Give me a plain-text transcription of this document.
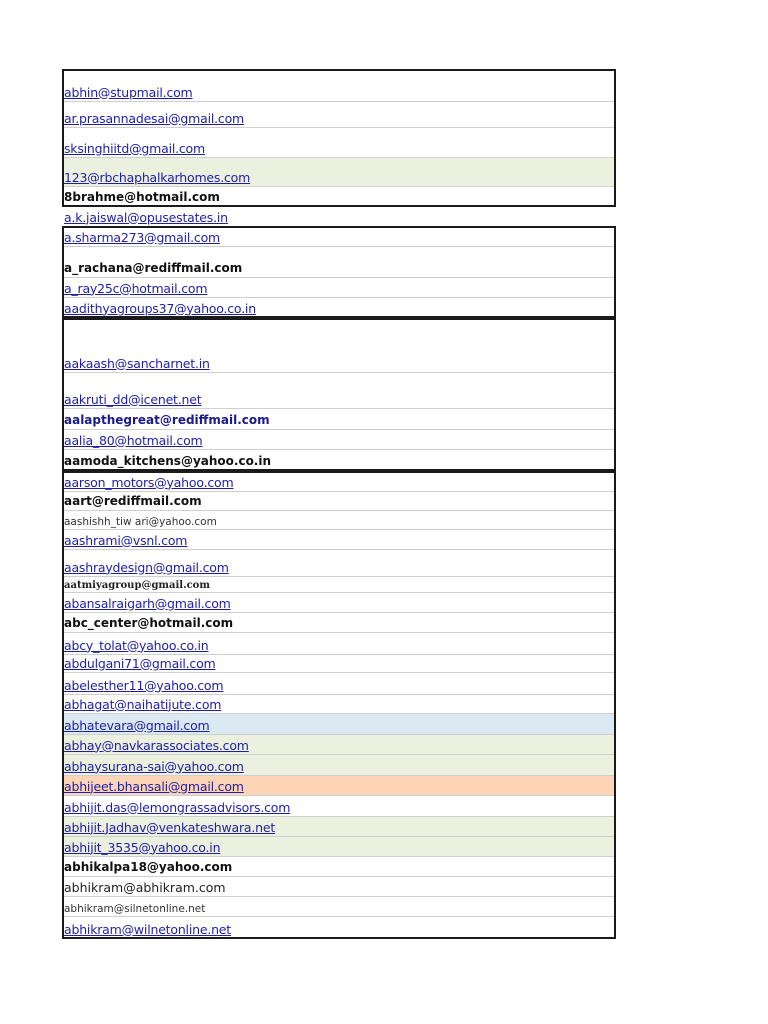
abhin@stupmail.com
ar.prasannadesai@gmail.com
sksinghiitd@gmail.com
123@rbchaphalkarhomes.com
8brahme@hotmail.com
a.k.jaiswal@opusestates.in
a.sharma273@gmail.com
a_rachana@rediffmail.com
a_ray25c@hotmail.com
aadithyagroups37@yahoo.co.in
aakaash@sancharnet.in
aakruti_dd@icenet.net
aalapthegreat@rediffmail.com
aalia_80@hotmail.com
aamoda_kitchens@yahoo.co.in
aarson_motors@yahoo.com
aart@rediffmail.com
aashishh_tiw ari@yahoo.com
aashrami@vsnl.com
aashraydesign@gmail.com
aatmiyagroup@gmail.com
abansalraigarh@gmail.com
abc_center@hotmail.com
abcy_tolat@yahoo.co.in
abdulgani71@gmail.com
abelesther11@yahoo.com
abhagat@naihatijute.com
abhatevara@gmail.com
abhay@navkarassociates.com
abhaysurana-sai@yahoo.com
abhijeet.bhansali@gmail.com
abhijit.das@lemongrassadvisors.com
abhijit.Jadhav@venkateshwara.net
abhijit_3535@yahoo.co.in
abhikalpa18@yahoo.com
abhikram@abhikram.com
abhikram@silnetonline.net
abhikram@wilnetonline.net
